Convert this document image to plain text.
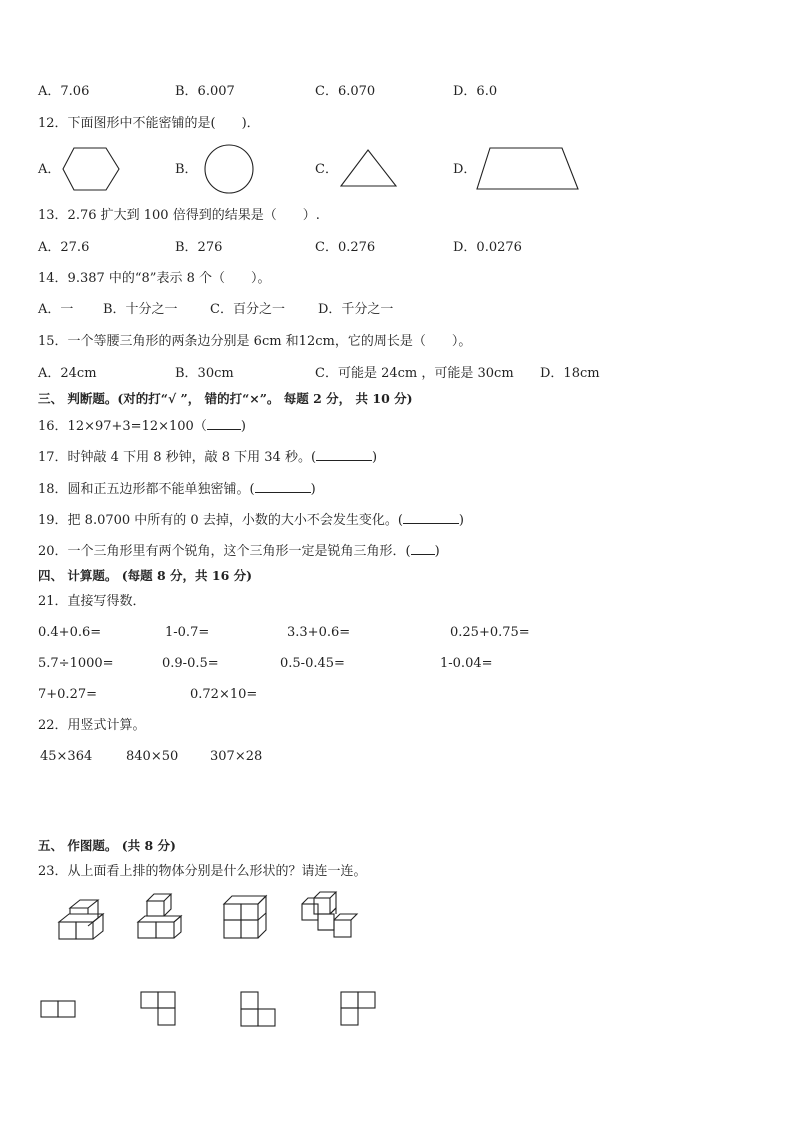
A．7.06	B．6.007	C．6.070	D．6.0
12．下面图形中不能密铺的是(　　)．
A．	B．	C．	D．
13．2.76 扩大到 100 倍得到的结果是（　　）.
A．27.6	B．276	C．0.276	D．0.0276
14．9.387 中的“8”表示 8 个（　　）。
A．一 B．十分之一 C．百分之一	D．千分之一
15．一个等腰三角形的两条边分别是 6cm 和12cm，它的周长是（　　）。
A．24cm	B．30cm	C．可能是 24cm ，可能是 30cm D．18cm
三、 判断题。(对的打“√ ”， 错的打“×”。 每题 2 分， 共 10 分)
16．12×97+3=12×100（	)
17．时钟敲 4 下用 8 秒钟，敲 8 下用 34 秒。(	)
18．圆和正五边形都不能单独密铺。(	)
19．把 8.0700 中所有的 0 去掉，小数的大小不会发生变化。(	)
20．一个三角形里有两个锐角，这个三角形一定是锐角三角形．( )
四、 计算题。 (每题 8 分，共 16 分)
21．直接写得数．
0.4+0.6=	1-0.7=	3.3+0.6=	0.25+0.75=
5.7÷1000=	0.9-0.5=	0.5-0.45=	1-0.04=
7+0.27=	0.72×10=
22．用竖式计算。
45×364	840×50 307×28
五、 作图题。 (共 8 分)
23．从上面看上排的物体分别是什么形状的？请连一连。
